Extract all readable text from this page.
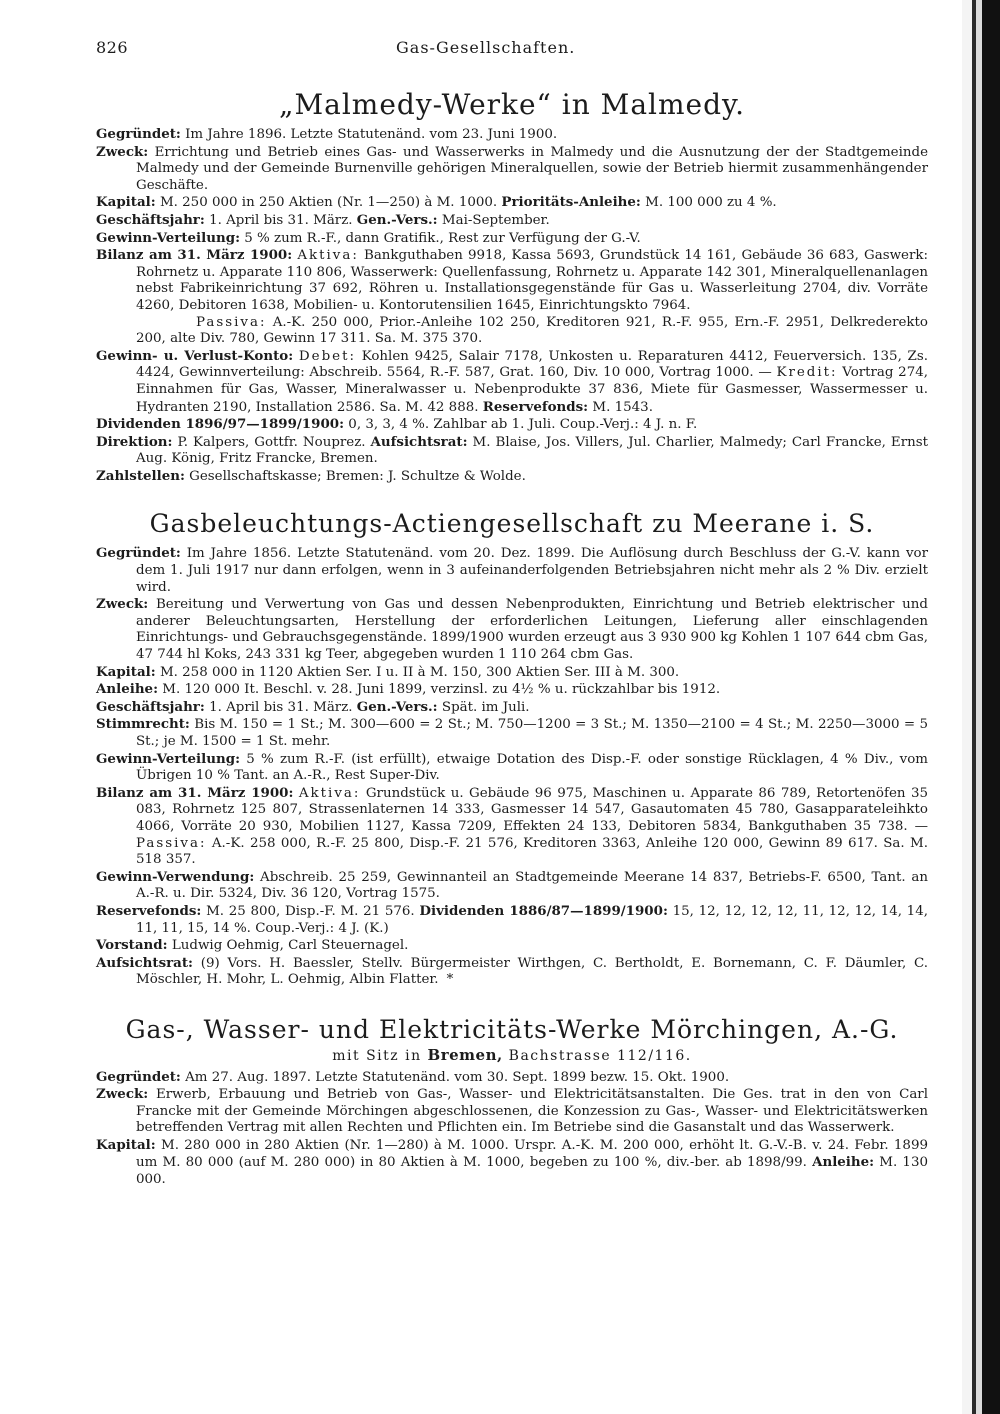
826	Gas-Gesellschaften.
„Malmedy-Werke“ in Malmedy.

Gegründet: Im Jahre 1896. Letzte Statutenänd. vom 23. Juni 1900.

Zweck: Errichtung und Betrieb eines Gas- und Wasserwerks in Malmedy und die Ausnutzung der der Stadtgemeinde Malmedy und der Gemeinde Burnenville gehörigen Mineralquellen, sowie der Betrieb hiermit zusammenhängender Geschäfte.

Kapital: M. 250 000 in 250 Aktien (Nr. 1—250) à M. 1000. Prioritäts-Anleihe: M. 100 000 zu 4 %.

Geschäftsjahr: 1. April bis 31. März. Gen.-Vers.: Mai-September.

Gewinn-Verteilung: 5 % zum R.-F., dann Gratifik., Rest zur Verfügung der G.-V.

Bilanz am 31. März 1900: Aktiva: Bankguthaben 9918, Kassa 5693, Grundstück 14 161, Gebäude 36 683, Gaswerk: Rohrnetz u. Apparate 110 806, Wasserwerk: Quellenfassung, Rohrnetz u. Apparate 142 301, Mineralquellenanlagen nebst Fabrikeinrichtung 37 692, Röhren u. Installationsgegenstände für Gas u. Wasserleitung 2704, div. Vorräte 4260, Debitoren 1638, Mobilien- u. Kontorutensilien 1645, Einrichtungskto 7964.
Passiva: A.-K. 250 000, Prior.-Anleihe 102 250, Kreditoren 921, R.-F. 955, Ern.-F. 2951, Delkrederekto 200, alte Div. 780, Gewinn 17 311. Sa. M. 375 370.

Gewinn- u. Verlust-Konto: Debet: Kohlen 9425, Salair 7178, Unkosten u. Reparaturen 4412, Feuerversich. 135, Zs. 4424, Gewinnverteilung: Abschreib. 5564, R.-F. 587, Grat. 160, Div. 10 000, Vortrag 1000. — Kredit: Vortrag 274, Einnahmen für Gas, Wasser, Mineralwasser u. Nebenprodukte 37 836, Miete für Gasmesser, Wassermesser u. Hydranten 2190, Installation 2586. Sa. M. 42 888. Reservefonds: M. 1543.

Dividenden 1896/97—1899/1900: 0, 3, 3, 4 %. Zahlbar ab 1. Juli. Coup.-Verj.: 4 J. n. F.

Direktion: P. Kalpers, Gottfr. Nouprez. Aufsichtsrat: M. Blaise, Jos. Villers, Jul. Charlier, Malmedy; Carl Francke, Ernst Aug. König, Fritz Francke, Bremen.

Zahlstellen: Gesellschaftskasse; Bremen: J. Schultze & Wolde.

Gasbeleuchtungs-Actiengesellschaft zu Meerane i. S.

Gegründet: Im Jahre 1856. Letzte Statutenänd. vom 20. Dez. 1899. Die Auflösung durch Beschluss der G.-V. kann vor dem 1. Juli 1917 nur dann erfolgen, wenn in 3 aufeinanderfolgenden Betriebsjahren nicht mehr als 2 % Div. erzielt wird.

Zweck: Bereitung und Verwertung von Gas und dessen Nebenprodukten, Einrichtung und Betrieb elektrischer und anderer Beleuchtungsarten, Herstellung der erforderlichen Leitungen, Lieferung aller einschlagenden Einrichtungs- und Gebrauchsgegenstände. 1899/1900 wurden erzeugt aus 3 930 900 kg Kohlen 1 107 644 cbm Gas, 47 744 hl Koks, 243 331 kg Teer, abgegeben wurden 1 110 264 cbm Gas.

Kapital: M. 258 000 in 1120 Aktien Ser. I u. II à M. 150, 300 Aktien Ser. III à M. 300.

Anleihe: M. 120 000 It. Beschl. v. 28. Juni 1899, verzinsl. zu 4½ % u. rückzahlbar bis 1912.

Geschäftsjahr: 1. April bis 31. März. Gen.-Vers.: Spät. im Juli.

Stimmrecht: Bis M. 150 = 1 St.; M. 300—600 = 2 St.; M. 750—1200 = 3 St.; M. 1350—2100 = 4 St.; M. 2250—3000 = 5 St.; je M. 1500 = 1 St. mehr.

Gewinn-Verteilung: 5 % zum R.-F. (ist erfüllt), etwaige Dotation des Disp.-F. oder sonstige Rücklagen, 4 % Div., vom Übrigen 10 % Tant. an A.-R., Rest Super-Div.

Bilanz am 31. März 1900: Aktiva: Grundstück u. Gebäude 96 975, Maschinen u. Apparate 86 789, Retortenöfen 35 083, Rohrnetz 125 807, Strassenlaternen 14 333, Gasmesser 14 547, Gasautomaten 45 780, Gasapparateleihkto 4066, Vorräte 20 930, Mobilien 1127, Kassa 7209, Effekten 24 133, Debitoren 5834, Bankguthaben 35 738. — Passiva: A.-K. 258 000, R.-F. 25 800, Disp.-F. 21 576, Kreditoren 3363, Anleihe 120 000, Gewinn 89 617. Sa. M. 518 357.

Gewinn-Verwendung: Abschreib. 25 259, Gewinnanteil an Stadtgemeinde Meerane 14 837, Betriebs-F. 6500, Tant. an A.-R. u. Dir. 5324, Div. 36 120, Vortrag 1575.

Reservefonds: M. 25 800, Disp.-F. M. 21 576. Dividenden 1886/87—1899/1900: 15, 12, 12, 12, 12, 11, 12, 12, 14, 14, 11, 11, 15, 14 %. Coup.-Verj.: 4 J. (K.)

Vorstand: Ludwig Oehmig, Carl Steuernagel.

Aufsichtsrat: (9) Vors. H. Baessler, Stellv. Bürgermeister Wirthgen, C. Bertholdt, E. Bornemann, C. F. Däumler, C. Möschler, H. Mohr, L. Oehmig, Albin Flatter. *

Gas-, Wasser- und Elektricitäts-Werke Mörchingen, A.-G.
mit Sitz in Bremen, Bachstrasse 112/116.

Gegründet: Am 27. Aug. 1897. Letzte Statutenänd. vom 30. Sept. 1899 bezw. 15. Okt. 1900.

Zweck: Erwerb, Erbauung und Betrieb von Gas-, Wasser- und Elektricitätsanstalten. Die Ges. trat in den von Carl Francke mit der Gemeinde Mörchingen abgeschlossenen, die Konzession zu Gas-, Wasser- und Elektricitätswerken betreffenden Vertrag mit allen Rechten und Pflichten ein. Im Betriebe sind die Gasanstalt und das Wasserwerk.

Kapital: M. 280 000 in 280 Aktien (Nr. 1—280) à M. 1000. Urspr. A.-K. M. 200 000, erhöht lt. G.-V.-B. v. 24. Febr. 1899 um M. 80 000 (auf M. 280 000) in 80 Aktien à M. 1000, begeben zu 100 %, div.-ber. ab 1898/99. Anleihe: M. 130 000.
